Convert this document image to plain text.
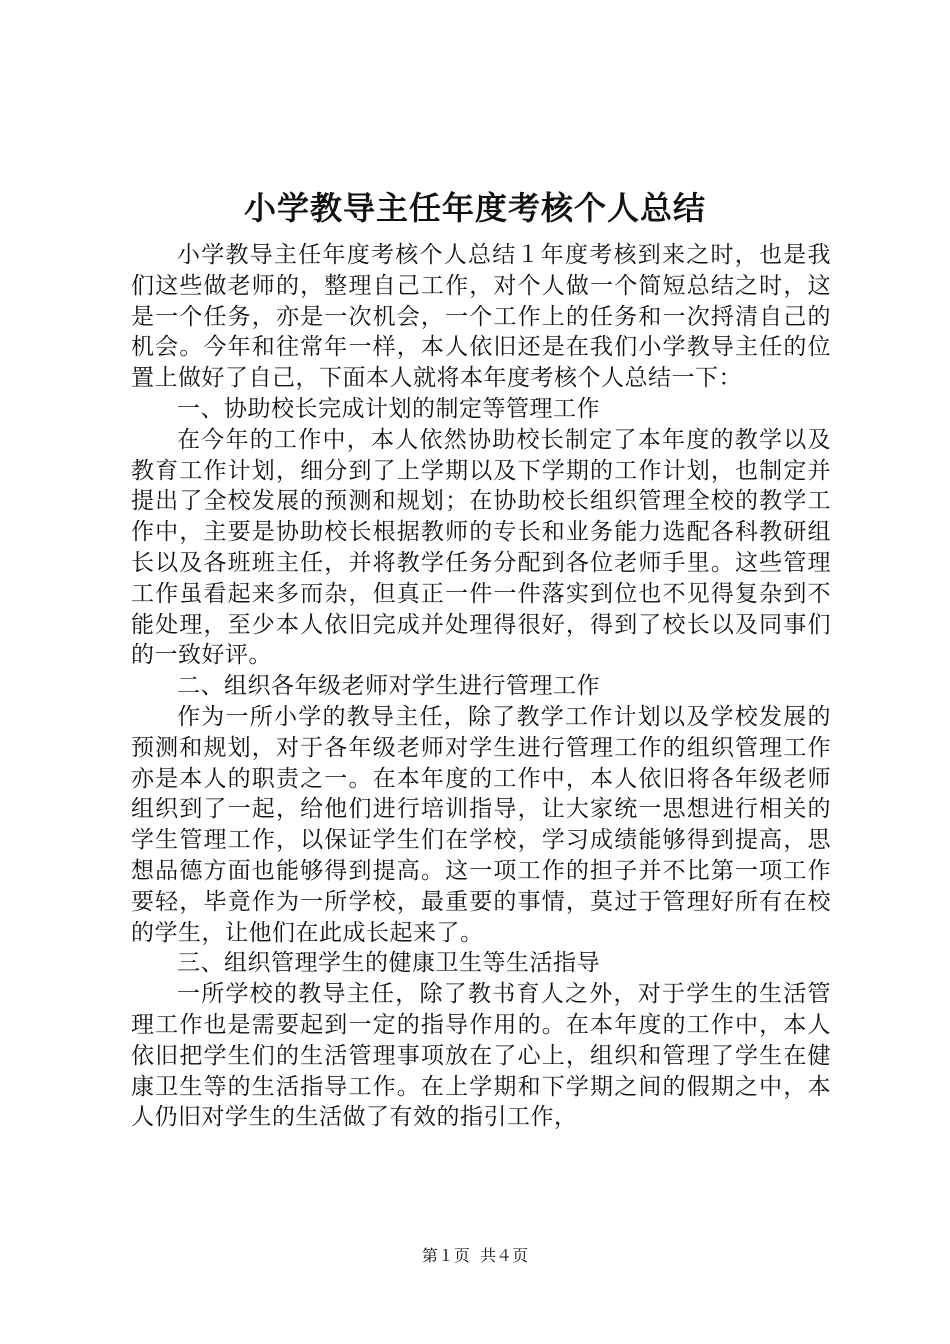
小学教导主任年度考核个人总结

小学教导主任年度考核个人总结１年度考核到来之时，也是我们这些做老师的，整理自己工作，对个人做一个简短总结之时，这是一个任务，亦是一次机会，一个工作上的任务和一次捋清自己的机会。今年和往常年一样，本人依旧还是在我们小学教导主任的位置上做好了自己，下面本人就将本年度考核个人总结一下：

一、协助校长完成计划的制定等管理工作

在今年的工作中，本人依然协助校长制定了本年度的教学以及教育工作计划，细分到了上学期以及下学期的工作计划，也制定并提出了全校发展的预测和规划；在协助校长组织管理全校的教学工作中，主要是协助校长根据教师的专长和业务能力选配各科教研组长以及各班班主任，并将教学任务分配到各位老师手里。这些管理工作虽看起来多而杂，但真正一件一件落实到位也不见得复杂到不能处理，至少本人依旧完成并处理得很好，得到了校长以及同事们的一致好评。

二、组织各年级老师对学生进行管理工作

作为一所小学的教导主任，除了教学工作计划以及学校发展的预测和规划，对于各年级老师对学生进行管理工作的组织管理工作亦是本人的职责之一。在本年度的工作中，本人依旧将各年级老师组织到了一起，给他们进行培训指导，让大家统一思想进行相关的学生管理工作，以保证学生们在学校，学习成绩能够得到提高，思想品德方面也能够得到提高。这一项工作的担子并不比第一项工作要轻，毕竟作为一所学校，最重要的事情，莫过于管理好所有在校的学生，让他们在此成长起来了。

三、组织管理学生的健康卫生等生活指导

一所学校的教导主任，除了教书育人之外，对于学生的生活管理工作也是需要起到一定的指导作用的。在本年度的工作中，本人依旧把学生们的生活管理事项放在了心上，组织和管理了学生在健康卫生等的生活指导工作。在上学期和下学期之间的假期之中，本人仍旧对学生的生活做了有效的指引工作，

第１页  共４页
